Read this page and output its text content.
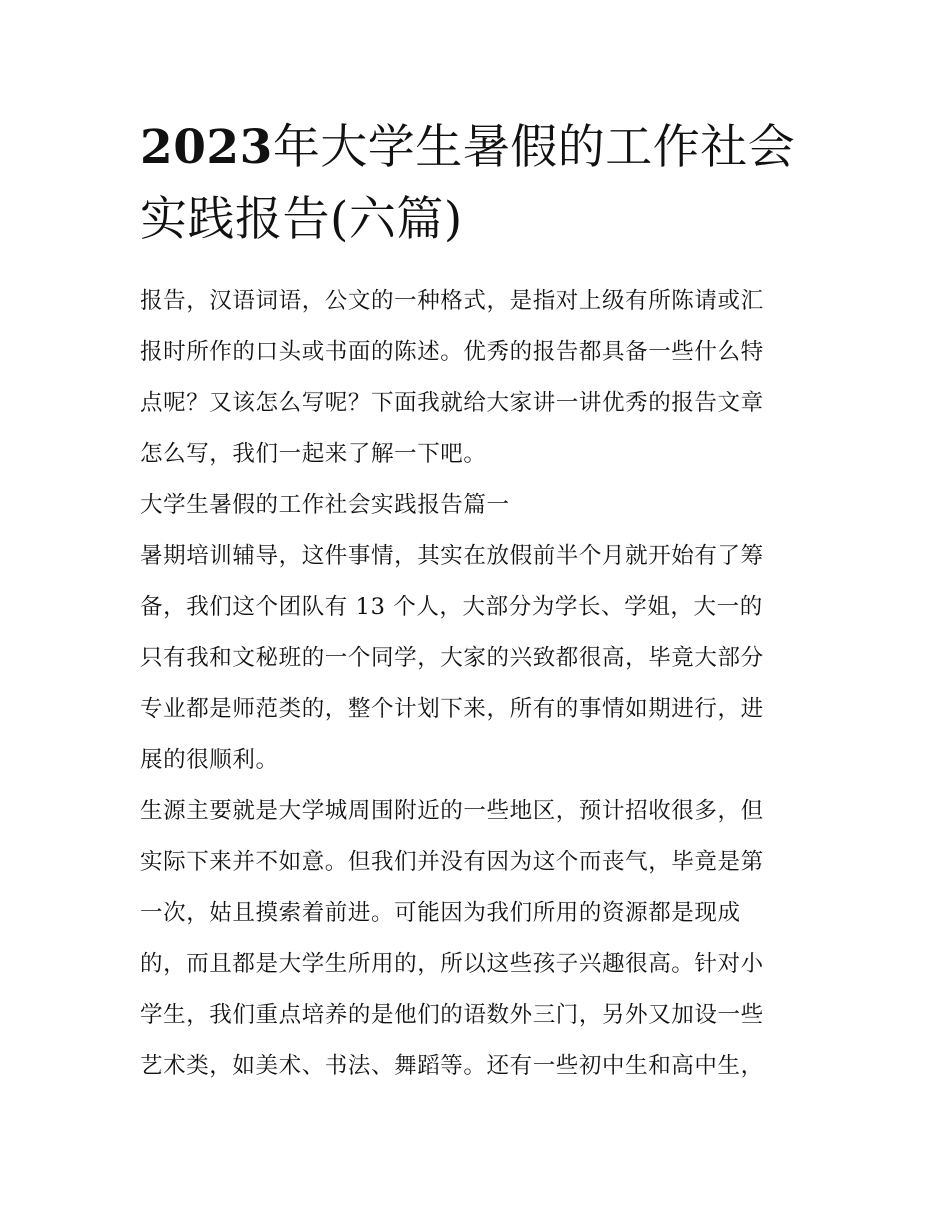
2023年大学生暑假的工作社会
实践报告(六篇)
报告，汉语词语，公文的一种格式，是指对上级有所陈请或汇
报时所作的口头或书面的陈述。优秀的报告都具备一些什么特
点呢？又该怎么写呢？下面我就给大家讲一讲优秀的报告文章
怎么写，我们一起来了解一下吧。
大学生暑假的工作社会实践报告篇一
暑期培训辅导，这件事情，其实在放假前半个月就开始有了筹
备，我们这个团队有 13 个人，大部分为学长、学姐，大一的
只有我和文秘班的一个同学，大家的兴致都很高，毕竟大部分
专业都是师范类的，整个计划下来，所有的事情如期进行，进
展的很顺利。
生源主要就是大学城周围附近的一些地区，预计招收很多，但
实际下来并不如意。但我们并没有因为这个而丧气，毕竟是第
一次，姑且摸索着前进。可能因为我们所用的资源都是现成
的，而且都是大学生所用的，所以这些孩子兴趣很高。针对小
学生，我们重点培养的是他们的语数外三门，另外又加设一些
艺术类，如美术、书法、舞蹈等。还有一些初中生和高中生，
